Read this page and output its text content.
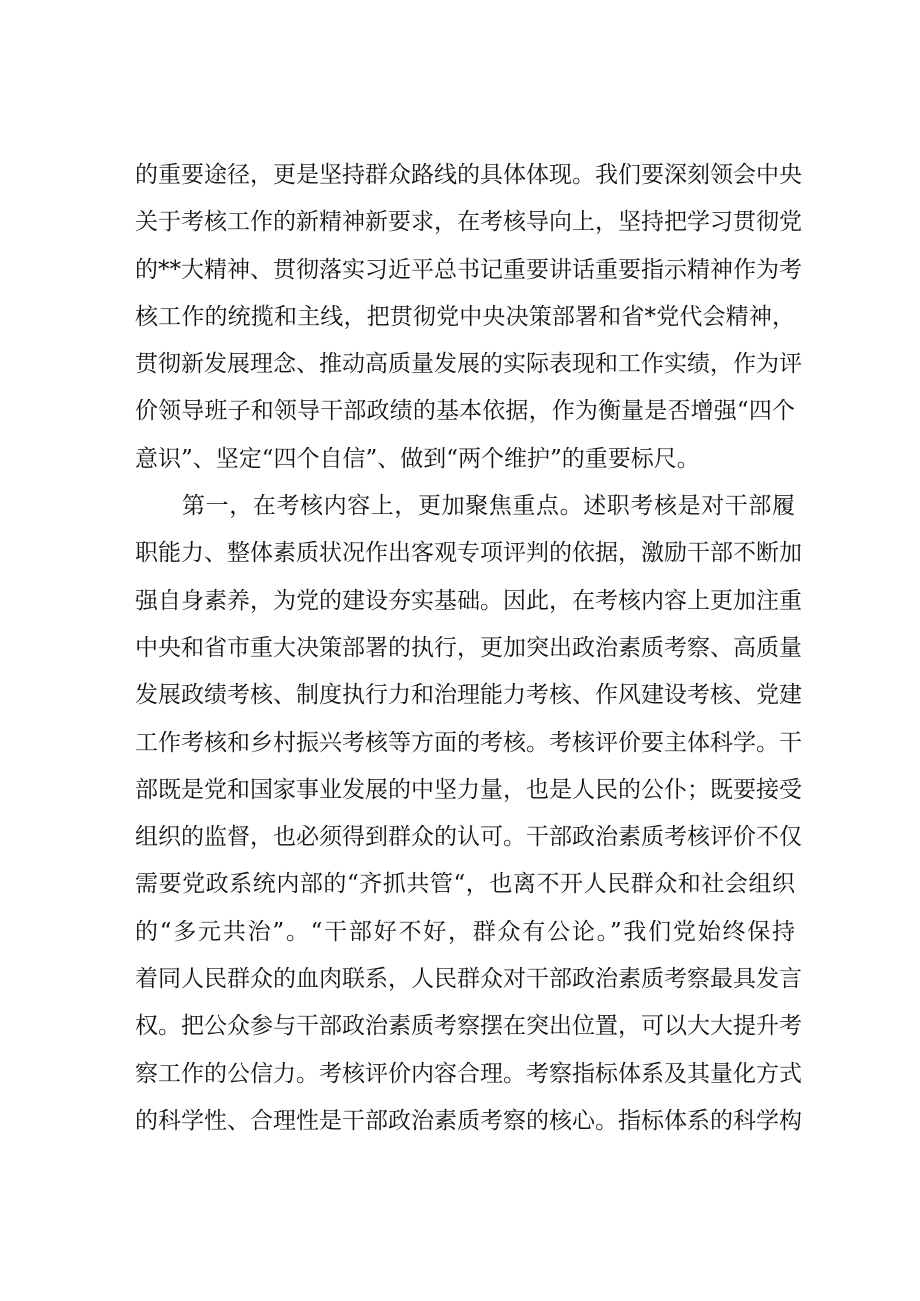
的重要途径，更是坚持群众路线的具体体现。我们要深刻领会中央
关于考核工作的新精神新要求，在考核导向上，坚持把学习贯彻党
的**大精神、贯彻落实习近平总书记重要讲话重要指示精神作为考
核工作的统揽和主线，把贯彻党中央决策部署和省*党代会精神，
贯彻新发展理念、推动高质量发展的实际表现和工作实绩，作为评
价领导班子和领导干部政绩的基本依据，作为衡量是否增强“四个
意识”、坚定“四个自信”、做到“两个维护”的重要标尺。
第一，在考核内容上，更加聚焦重点。述职考核是对干部履
职能力、整体素质状况作出客观专项评判的依据，激励干部不断加
强自身素养，为党的建设夯实基础。因此，在考核内容上更加注重
中央和省市重大决策部署的执行，更加突出政治素质考察、高质量
发展政绩考核、制度执行力和治理能力考核、作风建设考核、党建
工作考核和乡村振兴考核等方面的考核。考核评价要主体科学。干
部既是党和国家事业发展的中坚力量，也是人民的公仆；既要接受
组织的监督，也必须得到群众的认可。干部政治素质考核评价不仅
需要党政系统内部的“齐抓共管“，也离不开人民群众和社会组织
的“多元共治”。“干部好不好，群众有公论。”我们党始终保持
着同人民群众的血肉联系，人民群众对干部政治素质考察最具发言
权。把公众参与干部政治素质考察摆在突出位置，可以大大提升考
察工作的公信力。考核评价内容合理。考察指标体系及其量化方式
的科学性、合理性是干部政治素质考察的核心。指标体系的科学构
